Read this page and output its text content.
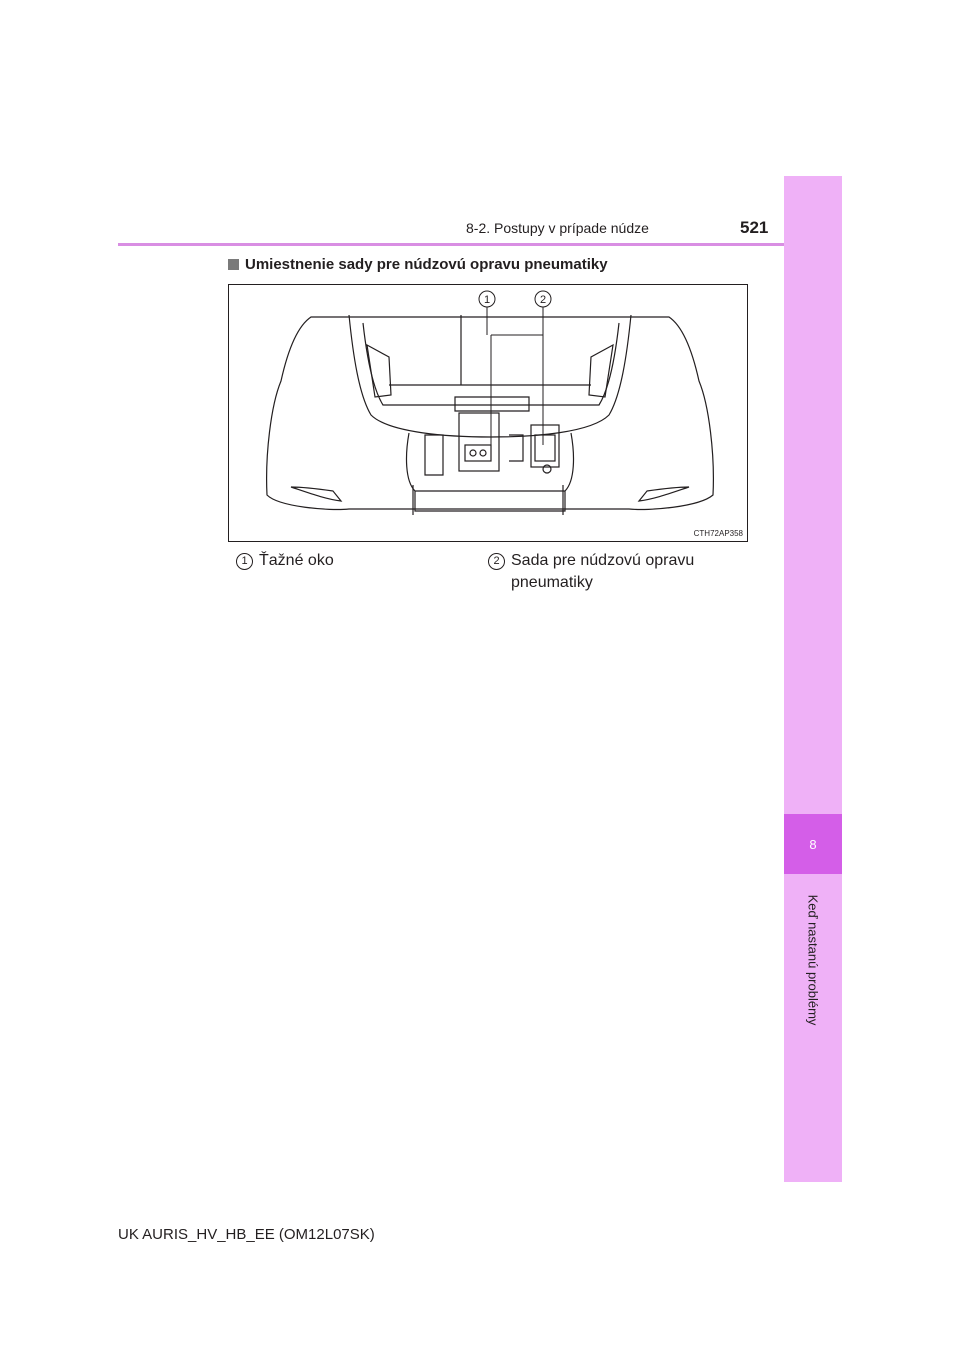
8
Keď nastanú problémy
8-2. Postupy v prípade núdze	521
Umiestnenie sady pre núdzovú opravu pneumatiky
1	2
CTH72AP358
1 Ťažné oko	2 Sada pre núdzovú opravu pneumatiky
UK AURIS_HV_HB_EE (OM12L07SK)
